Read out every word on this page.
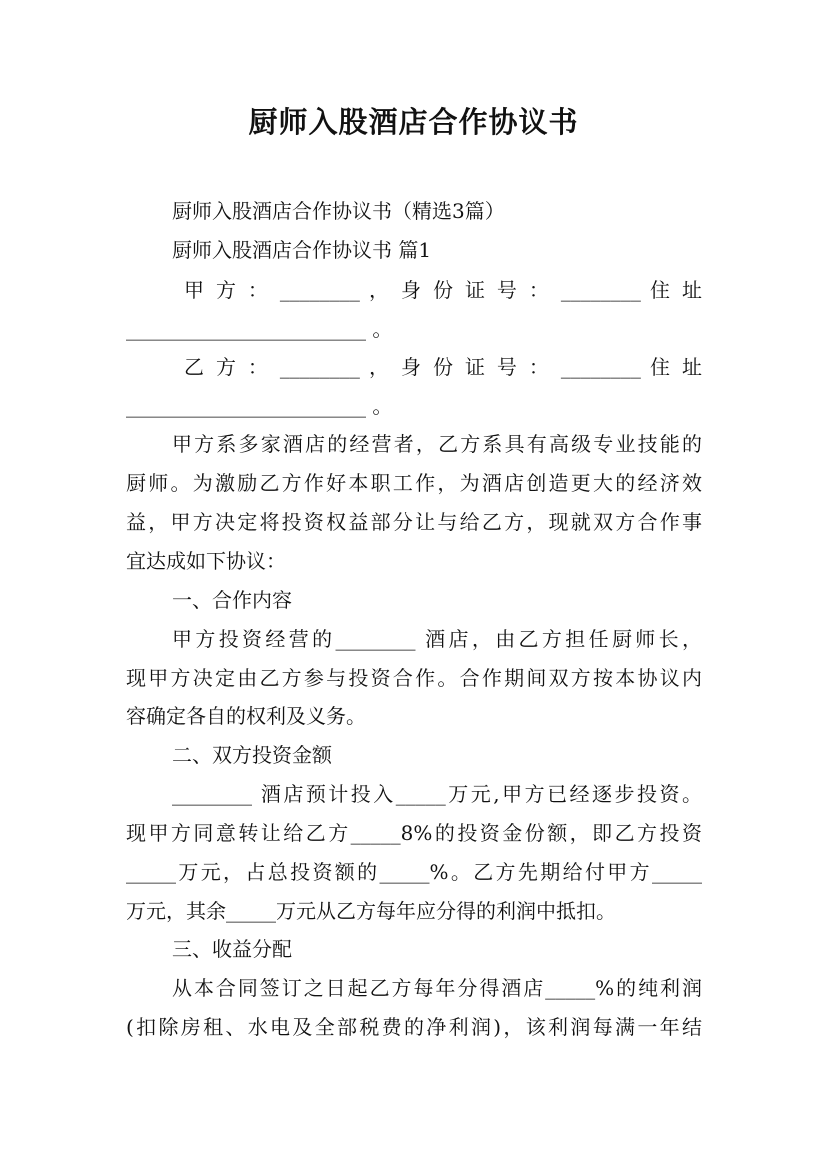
厨师入股酒店合作协议书
厨师入股酒店合作协议书（精选3篇）
厨师入股酒店合作协议书 篇1
甲 方 ： ________ ， 身 份 证 号 ： ________ 住 址
________________________ 。
乙 方 ： ________ ， 身 份 证 号 ： ________ 住 址
________________________ 。
甲方系多家酒店的经营者，乙方系具有高级专业技能的
厨师。为激励乙方作好本职工作，为酒店创造更大的经济效
益，甲方决定将投资权益部分让与给乙方，现就双方合作事
宜达成如下协议：
一、合作内容
甲方投资经营的________ 酒店，由乙方担任厨师长，
现甲方决定由乙方参与投资合作。合作期间双方按本协议内
容确定各自的权利及义务。
二、双方投资金额
________ 酒店预计投入_____万元,甲方已经逐步投资。
现甲方同意转让给乙方_____8%的投资金份额，即乙方投资
_____万元，占总投资额的_____%。乙方先期给付甲方_____
万元，其余_____万元从乙方每年应分得的利润中抵扣。
三、收益分配
从本合同签订之日起乙方每年分得酒店_____%的纯利润
(扣除房租、水电及全部税费的净利润)，该利润每满一年结
